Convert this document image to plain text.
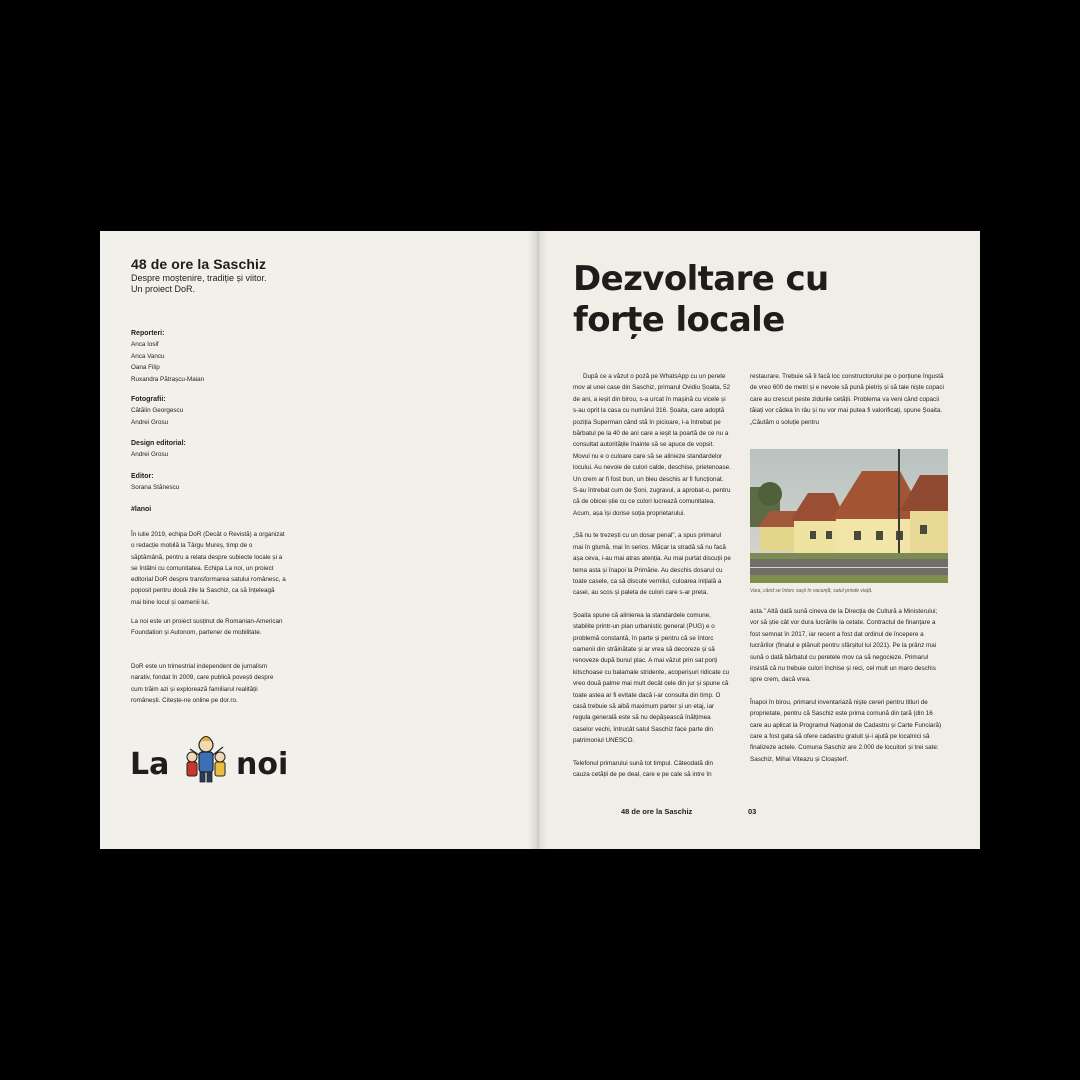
48 de ore la Saschiz
Despre moștenire, tradiție și viitor.
Un proiect DoR.
Reporteri:
Anca Iosif
Anca Vancu
Oana Filip
Ruxandra Pătrașcu-Maian
Fotografii:
Cătălin Georgescu
Andrei Grosu
Design editorial:
Andrei Grosu
Editor:
Sorana Stănescu
#lanoi
În iulie 2019, echipa DoR (Decât o Revistă) a organizat o redacție mobilă la Târgu Mureș, timp de o săptămână, pentru a relata despre subiecte locale și a se întâlni cu comunitatea. Echipa La noi, un proiect editorial DoR despre transformarea satului românesc, a poposit pentru două zile la Saschiz, ca să înțeleagă mai bine locul și oamenii lui.
La noi este un proiect susținut de Romanian-American Foundation și Autonom, partener de mobilitate.
DoR este un trimestrial independent de jurnalism narativ, fondat în 2009, care publică povești despre cum trăim azi și explorează familiarul realității românești. Citește-ne online pe dor.ro.
La noi
Dezvoltare cu
forțe locale

După ce a văzut o poză pe WhatsApp cu un perete mov al unei case din Saschiz, primarul Ovidiu Șoaita, 52 de ani, a ieșit din birou, s-a urcat în mașină cu vicele și s-au oprit la casa cu numărul 316. Șoaita, care adoptă poziția Superman când stă în picioare, l-a întrebat pe bărbatul pe la 40 de ani care a ieșit la poartă de ce nu a consultat autoritățile înainte să se apuce de vopsit. Movul nu e o culoare care să se alinieze standardelor locului. Au nevoie de culori calde, deschise, prietenoase. Un crem ar fi fost bun, un bleu deschis ar fi funcționat. S-au întrebat cum de Șoni, zugravul, a aprobat-o, pentru că de obicei știe cu ce culori lucrează comunitatea. Acum, așa își dorise soția proprietarului.

„Să nu te trezești cu un dosar penal”, a spus primarul mai în glumă, mai în serios. Măcar la stradă să nu facă așa ceva, i-au mai atras atenția. Au mai purtat discuții pe tema asta și înapoi la Primărie. Au deschis dosarul cu toate casele, ca să discute vernilul, culoarea inițială a casei, au scos și paleta de culori care s-ar preta.

Șoaita spune că alinierea la standardele comune, stabilite printr-un plan urbanistic general (PUG) e o problemă constantă, în parte și pentru că se întorc oamenii din străinătate și ar vrea să decoreze și să renoveze după bunul plac. A mai văzut prin sat porți kitschoase cu balamale stridente, acoperișuri ridicate cu vreo două palme mai mult decât cele din jur și spune că toate astea ar fi evitate dacă i-ar consulta din timp. O casă trebuie să aibă maximum parter și un etaj, iar regula generală este să nu depășească înălțimea caselor vechi, întrucât satul Saschiz face parte din patrimoniul UNESCO.

Telefonul primarului sună tot timpul. Câteodată din cauza cetății de pe deal, care e pe cale să intre în

restaurare. Trebuie să îi facă loc constructorului pe o porțiune îngustă de vreo 600 de metri și e nevoie să pună pietriș și să taie niște copaci care au crescut peste zidurile cetății. Problema va veni când copacii tăiați vor cădea în râu și nu vor mai putea fi valorificați, spune Șoaita. „Căutăm o soluție pentru

Vara, când se întorc sașii în vacanță, satul prinde viață.

asta.” Altă dată sună cineva de la Direcția de Cultură a Ministerului; vor să știe cât vor dura lucrările la cetate. Contractul de finanțare a fost semnat în 2017, iar recent a fost dat ordinul de începere a lucrărilor (finalul e plănuit pentru sfârșitul lui 2021). Pe la prânz mai sună o dată bărbatul cu peretele mov ca să negocieze. Primarul insistă că nu trebuie culori închise și reci, cel mult un maro deschis spre crem, dacă vrea.

Înapoi în birou, primarul inventariază niște cereri pentru titluri de proprietate, pentru că Saschiz este prima comună din țară (din 16 care au aplicat la Programul Național de Cadastru și Carte Funciară) care a fost gata să ofere cadastru gratuit și-i ajută pe localnici să finalizeze actele. Comuna Saschiz are 2.000 de locuitori și trei sate: Saschiz, Mihai Viteazu și Cloașterf.

48 de ore la Saschiz	03
